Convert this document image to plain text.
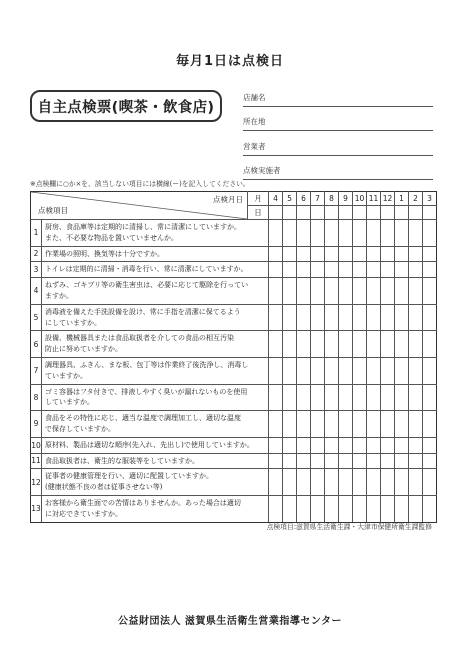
毎月1日は点検日
自主点検票(喫茶・飲食店)
店舗名
所在地
営業者
点検実施者
※点検欄に○か×を、該当しない項目には横線(ー)を記入してください。
点検月日
点検項目		月	4	5	6	7	8	9	10	11	12	1	2	3
		日												
1	厨房、食品庫等は定期的に清掃し、常に清潔にしていますか。
また、不必要な物品を置いていませんか。													

2	作業場の照明、換気等は十分ですか。													

3	トイレは定期的に清掃・消毒を行い、常に清潔にしていますか。													

4	ねずみ、ゴキブリ等の衛生害虫は、必要に応じて駆除を行ってい
ますか。													

5	消毒液を備えた手洗設備を設け、常に手指を清潔に保てるよう
にしていますか。													

6	設備、機械器具または食品取扱者を介しての食品の相互汚染
防止に努めていますか。													

7	調理器具、ふきん、まな板、包丁等は作業終了後洗浄し、消毒し
ていますか。													

8	ゴミ容器はフタ付きで、排液しやすく臭いが漏れないものを使用
していますか。													

9	食品をその特性に応じ、適当な温度で調理加工し、適切な温度
で保存していますか。													

10	原材料、製品は適切な順序(先入れ、先出し)で使用していますか。													

11	食品取扱者は、衛生的な服装等をしていますか。													

12	従事者の健康管理を行い、適切に配置していますか。
(健康状態不良の者は従事させない等)													

13	お客様から衛生面での苦情はありませんか。あった場合は適切
に対応できていますか。													

点検項目:滋賀県生活衛生課・大津市保健所衛生課監修
公益財団法人 滋賀県生活衛生営業指導センター
